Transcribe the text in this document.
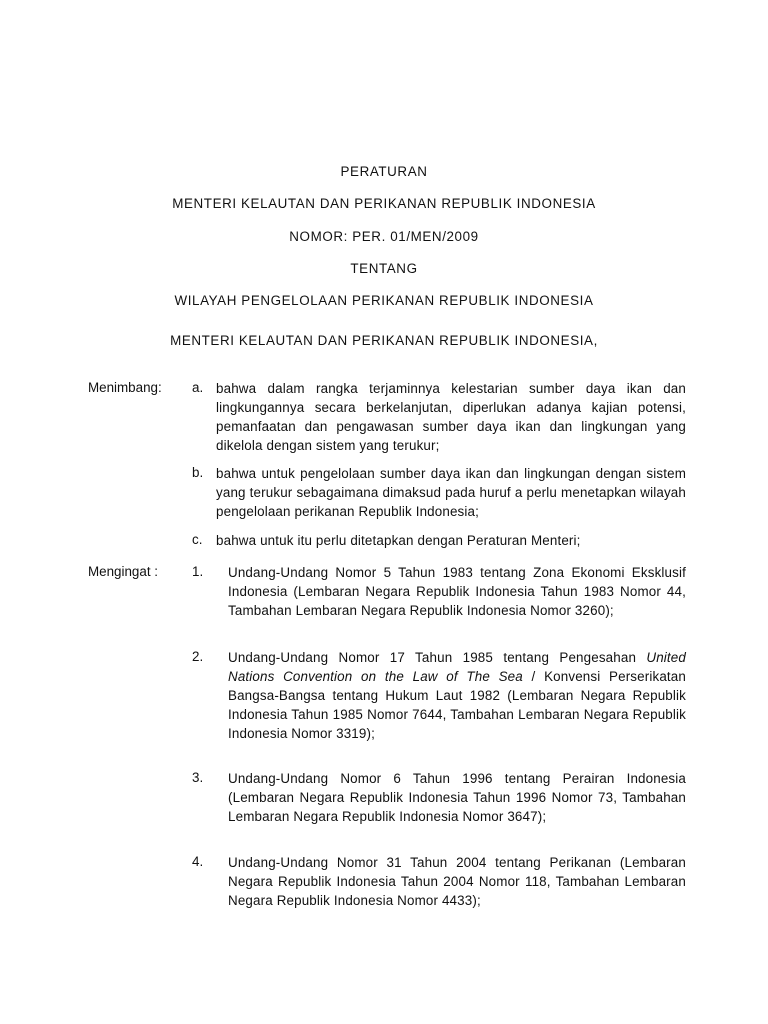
PERATURAN
MENTERI KELAUTAN DAN PERIKANAN REPUBLIK INDONESIA
NOMOR: PER. 01/MEN/2009
TENTANG
WILAYAH PENGELOLAAN PERIKANAN REPUBLIK INDONESIA
MENTERI KELAUTAN DAN PERIKANAN REPUBLIK INDONESIA,
Menimbang: a. bahwa dalam rangka terjaminnya kelestarian sumber daya ikan dan lingkungannya secara berkelanjutan, diperlukan adanya kajian potensi, pemanfaatan dan pengawasan sumber daya ikan dan lingkungan yang dikelola dengan sistem yang terukur;
b. bahwa untuk pengelolaan sumber daya ikan dan lingkungan dengan sistem yang terukur sebagaimana dimaksud pada huruf a perlu menetapkan wilayah pengelolaan perikanan Republik Indonesia;
c. bahwa untuk itu perlu ditetapkan dengan Peraturan Menteri;
Mengingat :	1. Undang-Undang Nomor 5 Tahun 1983 tentang Zona Ekonomi Eksklusif Indonesia (Lembaran Negara Republik Indonesia Tahun 1983 Nomor 44, Tambahan Lembaran Negara Republik Indonesia Nomor 3260);
2. Undang-Undang Nomor 17 Tahun 1985 tentang Pengesahan United Nations Convention on the Law of The Sea / Konvensi Perserikatan Bangsa-Bangsa tentang Hukum Laut 1982 (Lembaran Negara Republik Indonesia Tahun 1985 Nomor 7644, Tambahan Lembaran Negara Republik Indonesia Nomor 3319);
3. Undang-Undang Nomor 6 Tahun 1996 tentang Perairan Indonesia (Lembaran Negara Republik Indonesia Tahun 1996 Nomor 73, Tambahan Lembaran Negara Republik Indonesia Nomor 3647);
4. Undang-Undang Nomor 31 Tahun 2004 tentang Perikanan (Lembaran Negara Republik Indonesia Tahun 2004 Nomor 118, Tambahan Lembaran Negara Republik Indonesia Nomor 4433);
